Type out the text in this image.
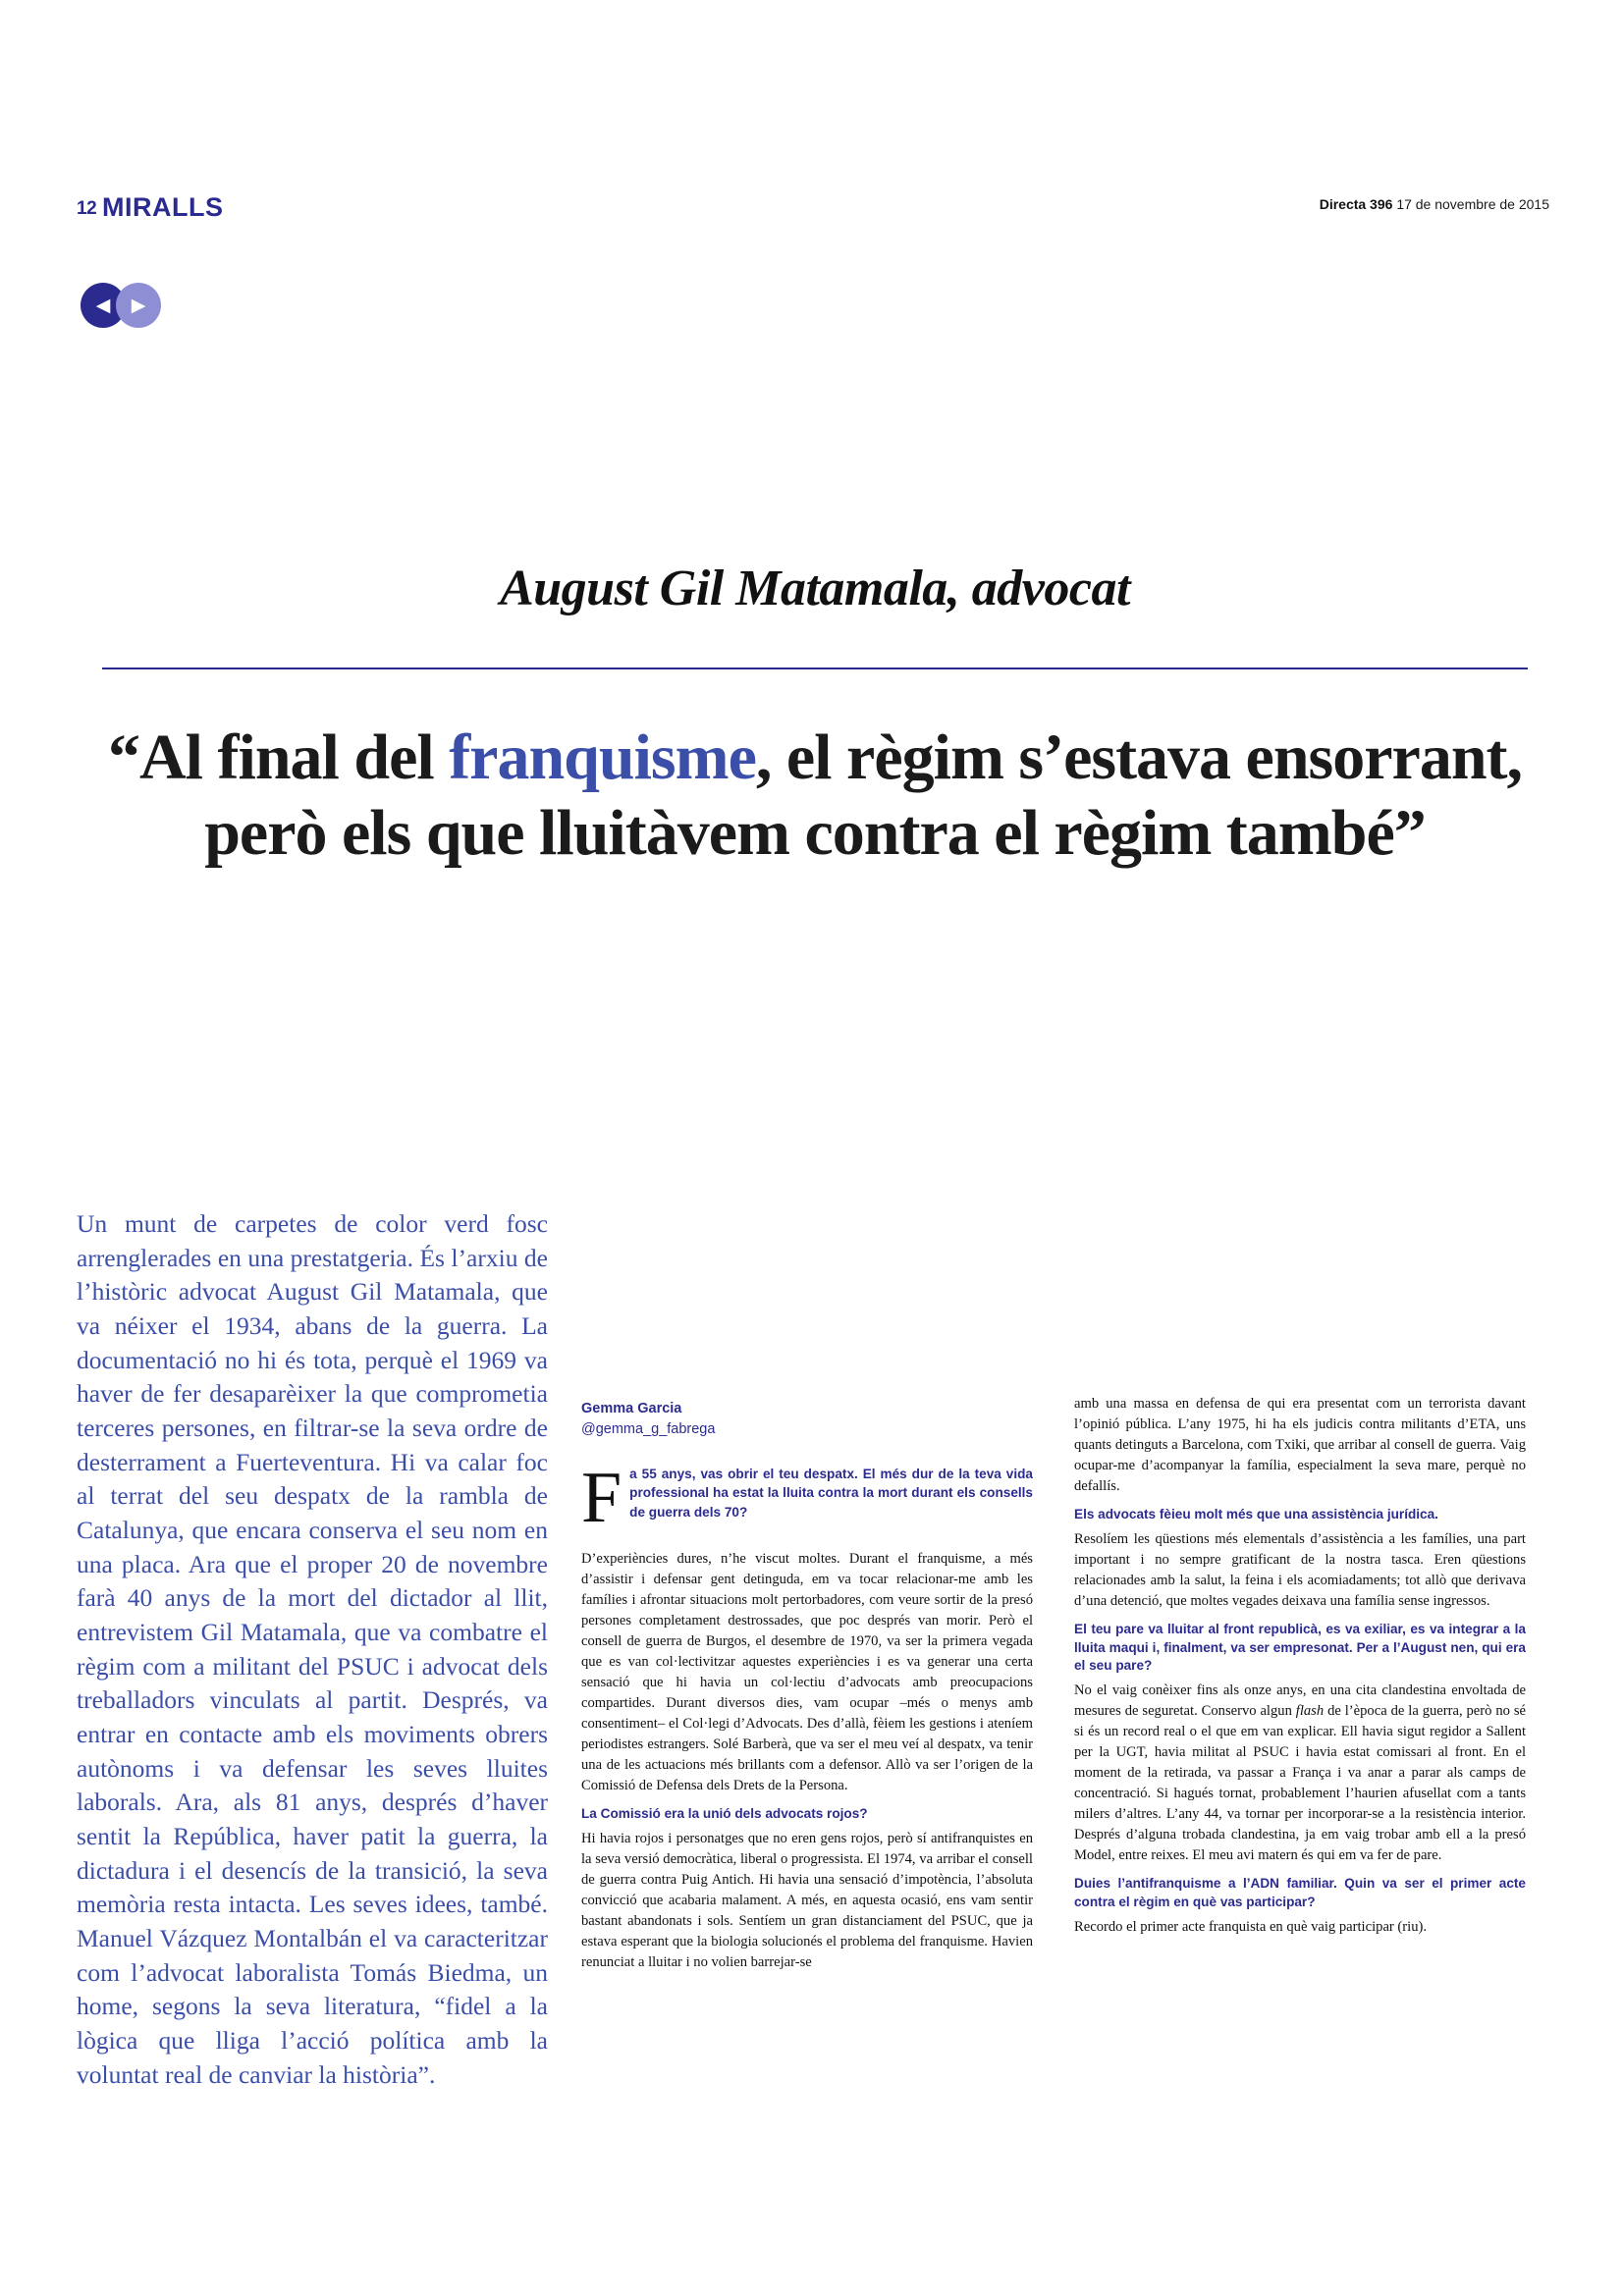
12 MIRALLS	Directa 396 17 de novembre de 2015
◀	▶
August Gil Matamala, advocat
“Al final del franquisme, el règim s’estava ensorrant, però els que lluitàvem contra el règim també”
Un munt de carpetes de color verd fosc arrenglerades en una prestatgeria. És l’arxiu de l’històric advocat August Gil Matamala, que va néixer el 1934, abans de la guerra. La documentació no hi és tota, perquè el 1969 va haver de fer desaparèixer la que comprometia terceres persones, en filtrar-se la seva ordre de desterrament a Fuerteventura. Hi va calar foc al terrat del seu despatx de la rambla de Catalunya, que encara conserva el seu nom en una placa. Ara que el proper 20 de novembre farà 40 anys de la mort del dictador al llit, entrevistem Gil Matamala, que va combatre el règim com a militant del PSUC i advocat dels treballadors vinculats al partit. Després, va entrar en contacte amb els moviments obrers autònoms i va defensar les seves lluites laborals. Ara, als 81 anys, després d’haver sentit la República, haver patit la guerra, la dictadura i el desencís de la transició, la seva memòria resta intacta. Les seves idees, també. Manuel Vázquez Montalbán el va caracteritzar com l’advocat laboralista Tomás Biedma, un home, segons la seva literatura, “fidel a la lògica que lliga l’acció política amb la voluntat real de canviar la història”.
Gemma Garcia
@gemma_g_fabrega
F a 55 anys, vas obrir el teu despatx. El més dur de la teva vida professional ha estat la lluita contra la mort durant els consells de guerra dels 70?

D’experiències dures, n’he viscut moltes. Durant el franquisme, a més d’assistir i defensar gent detinguda, em va tocar relacionar-me amb les famílies i afrontar situacions molt pertorbadores, com veure sortir de la presó persones completament destrossades, que poc després van morir. Però el consell de guerra de Burgos, el desembre de 1970, va ser la primera vegada que es van col·lectivitzar aquestes experiències i es va generar una certa sensació que hi havia un col·lectiu d’advocats amb preocupacions compartides. Durant diversos dies, vam ocupar –més o menys amb consentiment– el Col·legi d’Advocats. Des d’allà, fèiem les gestions i ateníem periodistes estrangers. Solé Barberà, que va ser el meu veí al despatx, va tenir una de les actuacions més brillants com a defensor. Allò va ser l’origen de la Comissió de Defensa dels Drets de la Persona.

La Comissió era la unió dels advocats rojos?

Hi havia rojos i personatges que no eren gens rojos, però sí antifranquistes en la seva versió democràtica, liberal o progressista. El 1974, va arribar el consell de guerra contra Puig Antich. Hi havia una sensació d’impotència, l’absoluta convicció que acabaria malament. A més, en aquesta ocasió, ens vam sentir bastant abandonats i sols. Sentíem un gran distanciament del PSUC, que ja estava esperant que la biologia solucionés el problema del franquisme. Havien renunciat a lluitar i no volien barrejar-se

amb una massa en defensa de qui era presentat com un terrorista davant l’opinió pública. L’any 1975, hi ha els judicis contra militants d’ETA, uns quants detinguts a Barcelona, com Txiki, que arribar al consell de guerra. Vaig ocupar-me d’acompanyar la família, especialment la seva mare, perquè no defallís.

Els advocats fèieu molt més que una assistència jurídica.

Resolíem les qüestions més elementals d’assistència a les famílies, una part important i no sempre gratificant de la nostra tasca. Eren qüestions relacionades amb la salut, la feina i els acomiadaments; tot allò que derivava d’una detenció, que moltes vegades deixava una família sense ingressos.

El teu pare va lluitar al front republicà, es va exiliar, es va integrar a la lluita maqui i, finalment, va ser empresonat. Per a l’August nen, qui era el seu pare?

No el vaig conèixer fins als onze anys, en una cita clandestina envoltada de mesures de seguretat. Conservo algun flash de l’època de la guerra, però no sé si és un record real o el que em van explicar. Ell havia sigut regidor a Sallent per la UGT, havia militat al PSUC i havia estat comissari al front. En el moment de la retirada, va passar a França i va anar a parar als camps de concentració. Si hagués tornat, probablement l’haurien afusellat com a tants milers d’altres. L’any 44, va tornar per incorporar-se a la resistència interior. Després d’alguna trobada clandestina, ja em vaig trobar amb ell a la presó Model, entre reixes. El meu avi matern és qui em va fer de pare.

Duies l’antifranquisme a l’ADN familiar. Quin va ser el primer acte contra el règim en què vas participar?

Recordo el primer acte franquista en què vaig participar (riu).
